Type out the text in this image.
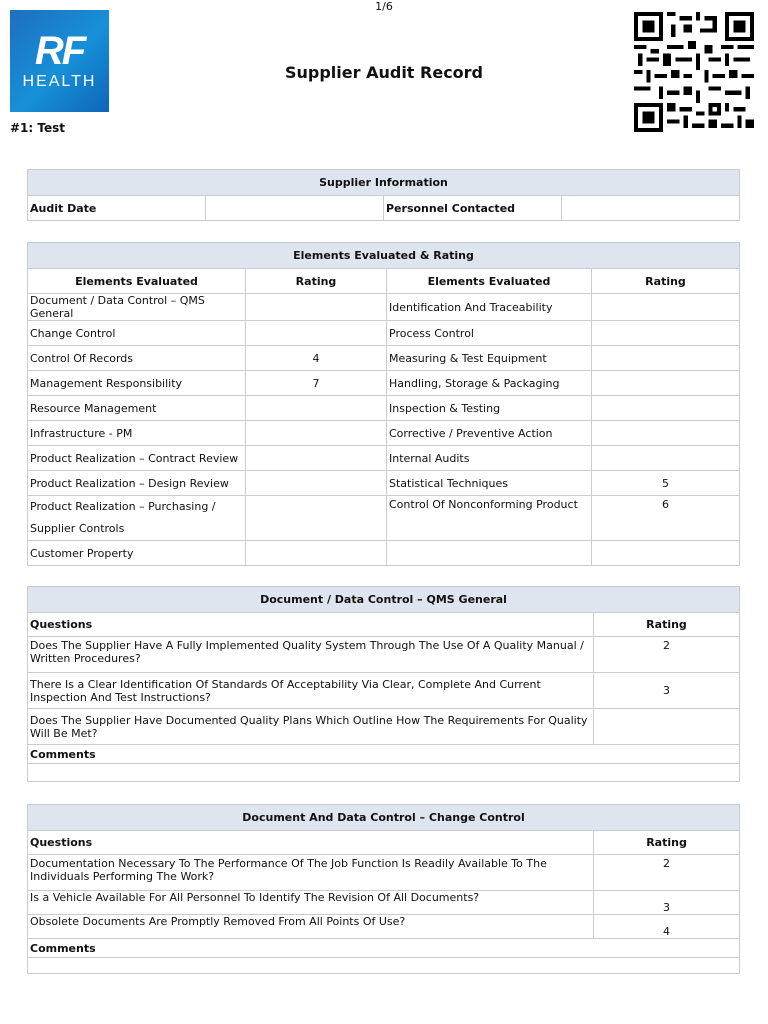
1/6
RF
HEALTH	Supplier Audit Record
#1: Test
Supplier Information
Audit Date		Personnel Contacted	
Elements Evaluated & Rating			
Elements Evaluated	Rating	Elements Evaluated	Rating
Document / Data Control – QMS General		Identification And Traceability	
Change Control		Process Control	
Control Of Records	4	Measuring & Test Equipment	
Management Responsibility	7	Handling, Storage & Packaging	
Resource Management		Inspection & Testing	
Infrastructure - PM		Corrective / Preventive Action	
Product Realization – Contract Review		Internal Audits	
Product Realization – Design Review		Statistical Techniques	5
Product Realization – Purchasing / Supplier Controls		Control Of Nonconforming Product	6
Customer Property			
Document / Data Control – QMS General	
Questions	Rating
Does The Supplier Have A Fully Implemented Quality System Through The Use Of A Quality Manual / Written Procedures?	2
There Is a Clear Identification Of Standards Of Acceptability Via Clear, Complete And Current Inspection And Test Instructions?	3
Does The Supplier Have Documented Quality Plans Which Outline How The Requirements For Quality Will Be Met?	
Comments	

Document And Data Control – Change Control	
Questions	Rating
Documentation Necessary To The Performance Of The Job Function Is Readily Available To The Individuals Performing The Work?	2
Is a Vehicle Available For All Personnel To Identify The Revision Of All Documents?	3
Obsolete Documents Are Promptly Removed From All Points Of Use?	4
Comments	
